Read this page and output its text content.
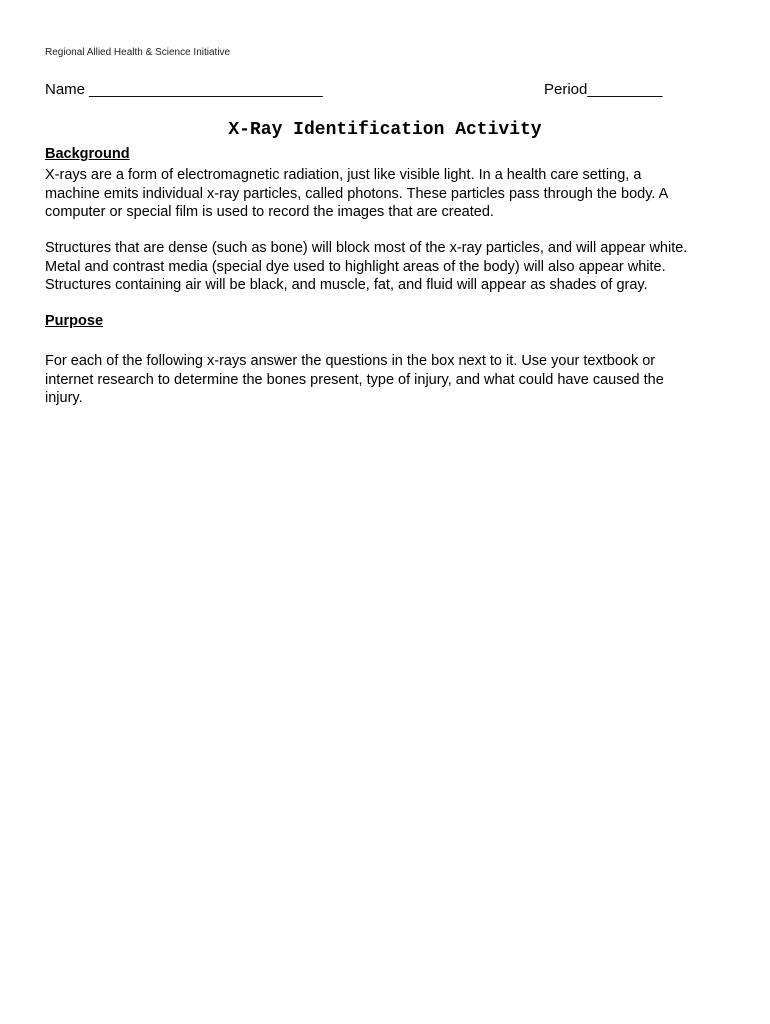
Regional Allied Health & Science Initiative
Name ____________________________	Period_________
X-Ray Identification Activity
Background
X-rays are a form of electromagnetic radiation, just like visible light. In a health care setting, a
machine emits individual x-ray particles, called photons. These particles pass through the body. A
computer or special film is used to record the images that are created.
Structures that are dense (such as bone) will block most of the x-ray particles, and will appear white.
Metal and contrast media (special dye used to highlight areas of the body) will also appear white.
Structures containing air will be black, and muscle, fat, and fluid will appear as shades of gray.
Purpose
For each of the following x-rays answer the questions in the box next to it. Use your textbook or
internet research to determine the bones present, type of injury, and what could have caused the
injury.
